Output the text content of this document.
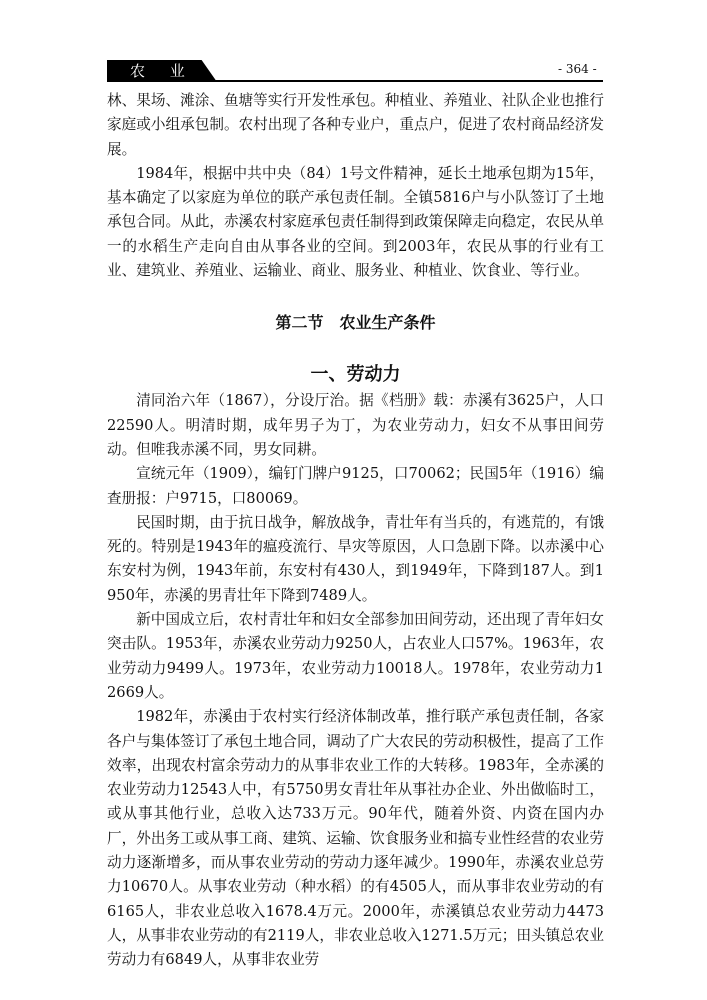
农 业	- 364 -

林、果场、滩涂、鱼塘等实行开发性承包。种植业、养殖业、社队企业也推行家庭或小组承包制。农村出现了各种专业户，重点户，促进了农村商品经济发展。

1984年，根据中共中央（84）1号文件精神，延长土地承包期为15年，基本确定了以家庭为单位的联产承包责任制。全镇5816户与小队签订了土地承包合同。从此，赤溪农村家庭承包责任制得到政策保障走向稳定，农民从单一的水稻生产走向自由从事各业的空间。到2003年，农民从事的行业有工业、建筑业、养殖业、运输业、商业、服务业、种植业、饮食业、等行业。

第二节　农业生产条件
一、劳动力

清同治六年（1867），分设厅治。据《档册》载：赤溪有3625户，人口22590人。明清时期，成年男子为丁，为农业劳动力，妇女不从事田间劳动。但唯我赤溪不同，男女同耕。

宣统元年（1909），编钉门牌户9125，口70062；民国5年（1916）编查册报：户9715，口80069。

民国时期，由于抗日战争，解放战争，青壮年有当兵的，有逃荒的，有饿死的。特别是1943年的瘟疫流行、旱灾等原因，人口急剧下降。以赤溪中心东安村为例，1943年前，东安村有430人，到1949年，下降到187人。到1950年，赤溪的男青壮年下降到7489人。

新中国成立后，农村青壮年和妇女全部参加田间劳动，还出现了青年妇女突击队。1953年，赤溪农业劳动力9250人，占农业人口57%。1963年，农业劳动力9499人。1973年，农业劳动力10018人。1978年，农业劳动力12669人。

1982年，赤溪由于农村实行经济体制改革，推行联产承包责任制，各家各户与集体签订了承包土地合同，调动了广大农民的劳动积极性，提高了工作效率，出现农村富余劳动力的从事非农业工作的大转移。1983年，全赤溪的农业劳动力12543人中，有5750男女青壮年从事社办企业、外出做临时工，或从事其他行业，总收入达733万元。90年代，随着外资、内资在国内办厂，外出务工或从事工商、建筑、运输、饮食服务业和搞专业性经营的农业劳动力逐渐增多，而从事农业劳动的劳动力逐年减少。1990年，赤溪农业总劳力10670人。从事农业劳动（种水稻）的有4505人，而从事非农业劳动的有6165人，非农业总收入1678.4万元。2000年，赤溪镇总农业劳动力4473人，从事非农业劳动的有2119人，非农业总收入1271.5万元；田头镇总农业劳动力有6849人，从事非农业劳
